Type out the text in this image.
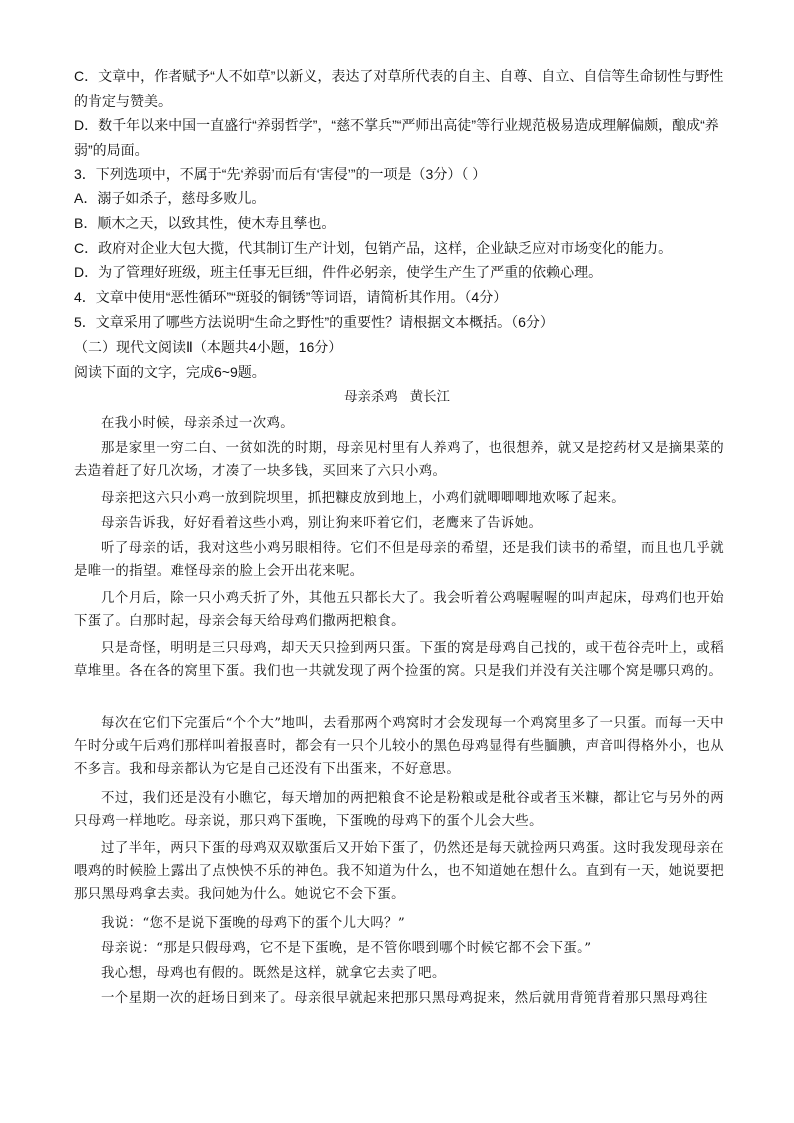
C．文章中，作者赋予“人不如草”以新义，表达了对草所代表的自主、自尊、自立、自信等生命韧性与野性的肯定与赞美。

D．数千年以来中国一直盛行“养弱哲学”，“慈不掌兵”“严师出高徒”等行业规范极易造成理解偏颇，酿成“养弱”的局面。

3．下列选项中，不属于“先‘养弱’而后有‘害侵’”的一项是（3分）（ ）

A．溺子如杀子，慈母多败儿。

B．顺木之天，以致其性，使木寿且孳也。

C．政府对企业大包大揽，代其制订生产计划，包销产品，这样，企业缺乏应对市场变化的能力。

D．为了管理好班级，班主任事无巨细，件件必躬亲，使学生产生了严重的依赖心理。

4．文章中使用“恶性循环”“斑驳的铜锈”等词语，请简析其作用。（4分）

5．文章采用了哪些方法说明“生命之野性”的重要性？请根据文本概括。（6分）

（二）现代文阅读Ⅱ（本题共4小题，16分）

阅读下面的文字，完成6~9题。

母亲杀鸡 黄长江

在我小时候，母亲杀过一次鸡。

那是家里一穷二白、一贫如洗的时期，母亲见村里有人养鸡了，也很想养，就又是挖药材又是摘果菜的去造着赶了好几次场，才凑了一块多钱，买回来了六只小鸡。

母亲把这六只小鸡一放到院坝里，抓把糠皮放到地上，小鸡们就唧唧唧地欢啄了起来。

母亲告诉我，好好看着这些小鸡，别让狗来吓着它们，老鹰来了告诉她。

听了母亲的话，我对这些小鸡另眼相待。它们不但是母亲的希望，还是我们读书的希望，而且也几乎就是唯一的指望。难怪母亲的脸上会开出花来呢。

几个月后，除一只小鸡夭折了外，其他五只都长大了。我会听着公鸡喔喔喔的叫声起床，母鸡们也开始下蛋了。白那时起，母亲会每天给母鸡们撒两把粮食。

只是奇怪，明明是三只母鸡，却天天只捡到两只蛋。下蛋的窝是母鸡自己找的，或干苞谷壳叶上，或稻草堆里。各在各的窝里下蛋。我们也一共就发现了两个捡蛋的窝。只是我们并没有关注哪个窝是哪只鸡的。

每次在它们下完蛋后“个个大”地叫，去看那两个鸡窝时才会发现每一个鸡窝里多了一只蛋。而每一天中午时分或午后鸡们那样叫着报喜时，都会有一只个儿较小的黑色母鸡显得有些腼腆，声音叫得格外小，也从不多言。我和母亲都认为它是自己还没有下出蛋来，不好意思。

不过，我们还是没有小瞧它，每天增加的两把粮食不论是粉粮或是秕谷或者玉米糠，都让它与另外的两只母鸡一样地吃。母亲说，那只鸡下蛋晚，下蛋晚的母鸡下的蛋个儿会大些。

过了半年，两只下蛋的母鸡双双歇蛋后又开始下蛋了，仍然还是每天就捡两只鸡蛋。这时我发现母亲在喂鸡的时候脸上露出了点怏怏不乐的神色。我不知道为什么，也不知道她在想什么。直到有一天，她说要把那只黑母鸡拿去卖。我问她为什么。她说它不会下蛋。

我说：“您不是说下蛋晚的母鸡下的蛋个儿大吗？”

母亲说：“那是只假母鸡，它不是下蛋晚，是不管你喂到哪个时候它都不会下蛋。”

我心想，母鸡也有假的。既然是这样，就拿它去卖了吧。

一个星期一次的赶场日到来了。母亲很早就起来把那只黑母鸡捉来，然后就用背篼背着那只黑母鸡往
